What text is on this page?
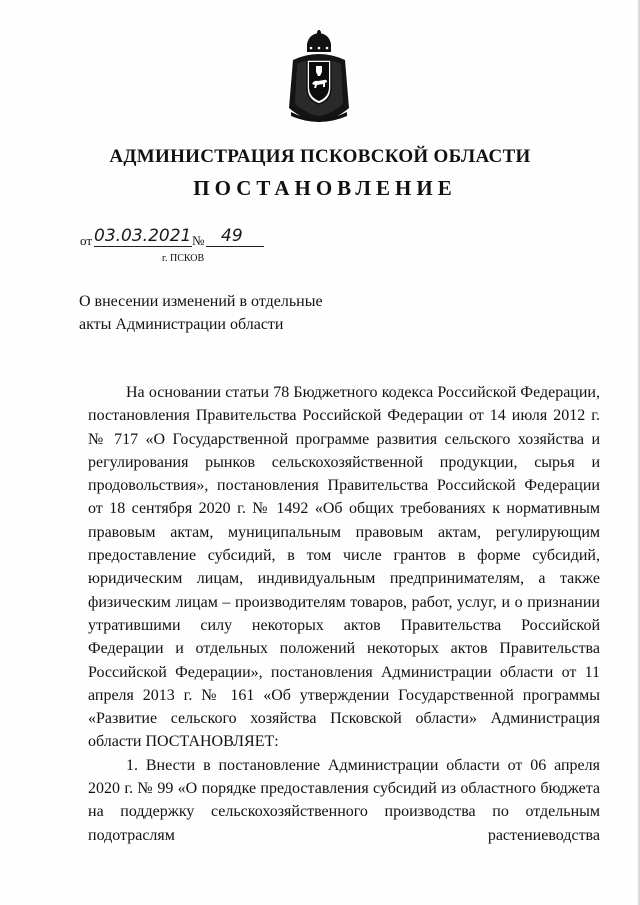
АДМИНИСТРАЦИЯ ПСКОВСКОЙ ОБЛАСТИ
ПОСТАНОВЛЕНИЕ
от 03.03.2021 № 49
г. ПСКОВ
О внесении изменений в отдельные
акты Администрации области

На основании статьи 78 Бюджетного кодекса Российской Федерации, постановления Правительства Российской Федерации от 14 июля 2012 г. № 717 «О Государственной программе развития сельского хозяйства и регулирования рынков сельскохозяйственной продукции, сырья и продовольствия», постановления Правительства Российской Федерации от 18 сентября 2020 г. № 1492 «Об общих требованиях к нормативным правовым актам, муниципальным правовым актам, регулирующим предоставление субсидий, в том числе грантов в форме субсидий, юридическим лицам, индивидуальным предпринимателям, а также физическим лицам – производителям товаров, работ, услуг, и о признании утратившими силу некоторых актов Правительства Российской Федерации и отдельных положений некоторых актов Правительства Российской Федерации», постановления Администрации области от 11 апреля 2013 г. № 161 «Об утверждении Государственной программы «Развитие сельского хозяйства Псковской области» Администрация области ПОСТАНОВЛЯЕТ:

1. Внести в постановление Администрации области от 06 апреля 2020 г. № 99 «О порядке предоставления субсидий из областного бюджета на поддержку сельскохозяйственного производства по отдельным подотраслям растениеводства
